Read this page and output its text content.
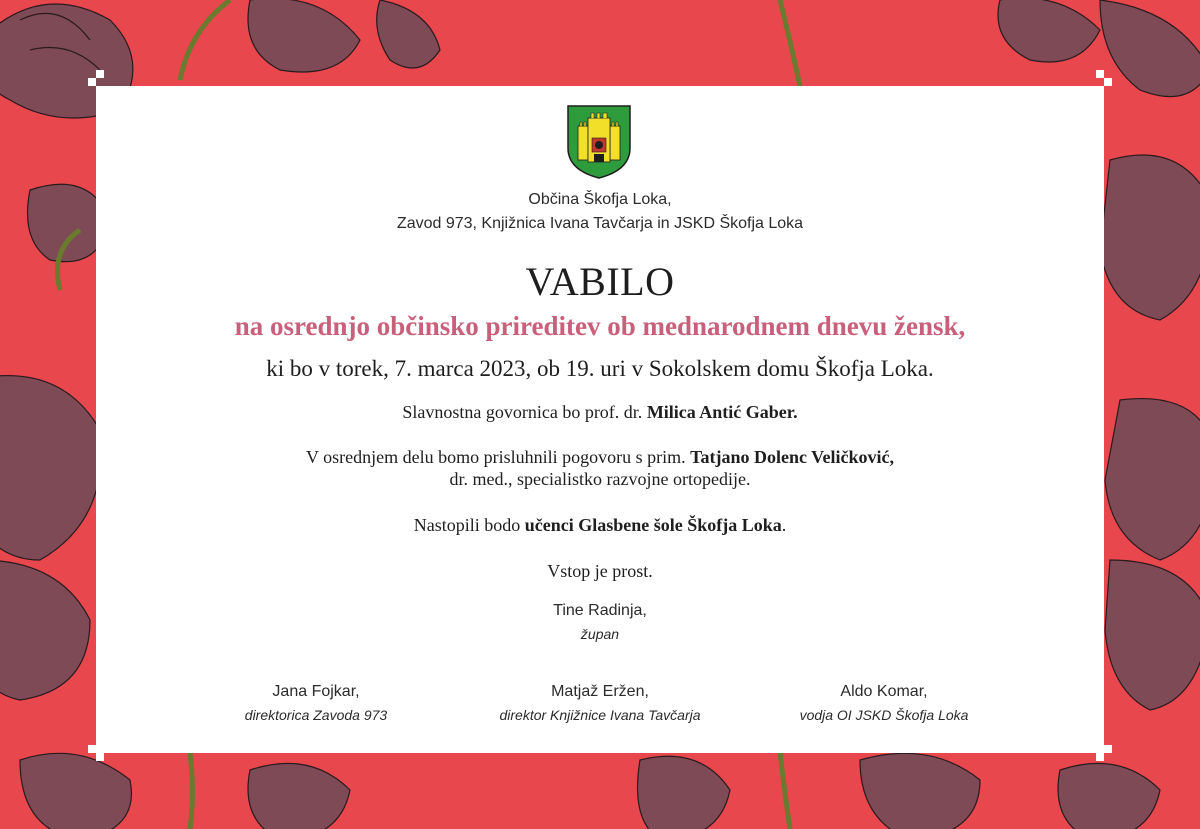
Občina Škofja Loka,
Zavod 973, Knjižnica Ivana Tavčarja in JSKD Škofja Loka
VABILO
na osrednjo občinsko prireditev ob mednarodnem dnevu žensk,
ki bo v torek, 7. marca 2023, ob 19. uri v Sokolskem domu Škofja Loka.
Slavnostna govornica bo prof. dr. Milica Antić Gaber.
V osrednjem delu bomo prisluhnili pogovoru s prim. Tatjano Dolenc Veličković,
dr. med., specialistko razvojne ortopedije.
Nastopili bodo učenci Glasbene šole Škofja Loka.
Vstop je prost.
Tine Radinja,
župan
Jana Fojkar,
direktorica Zavoda 973
Matjaž Eržen,
direktor Knjižnice Ivana Tavčarja
Aldo Komar,
vodja OI JSKD Škofja Loka
